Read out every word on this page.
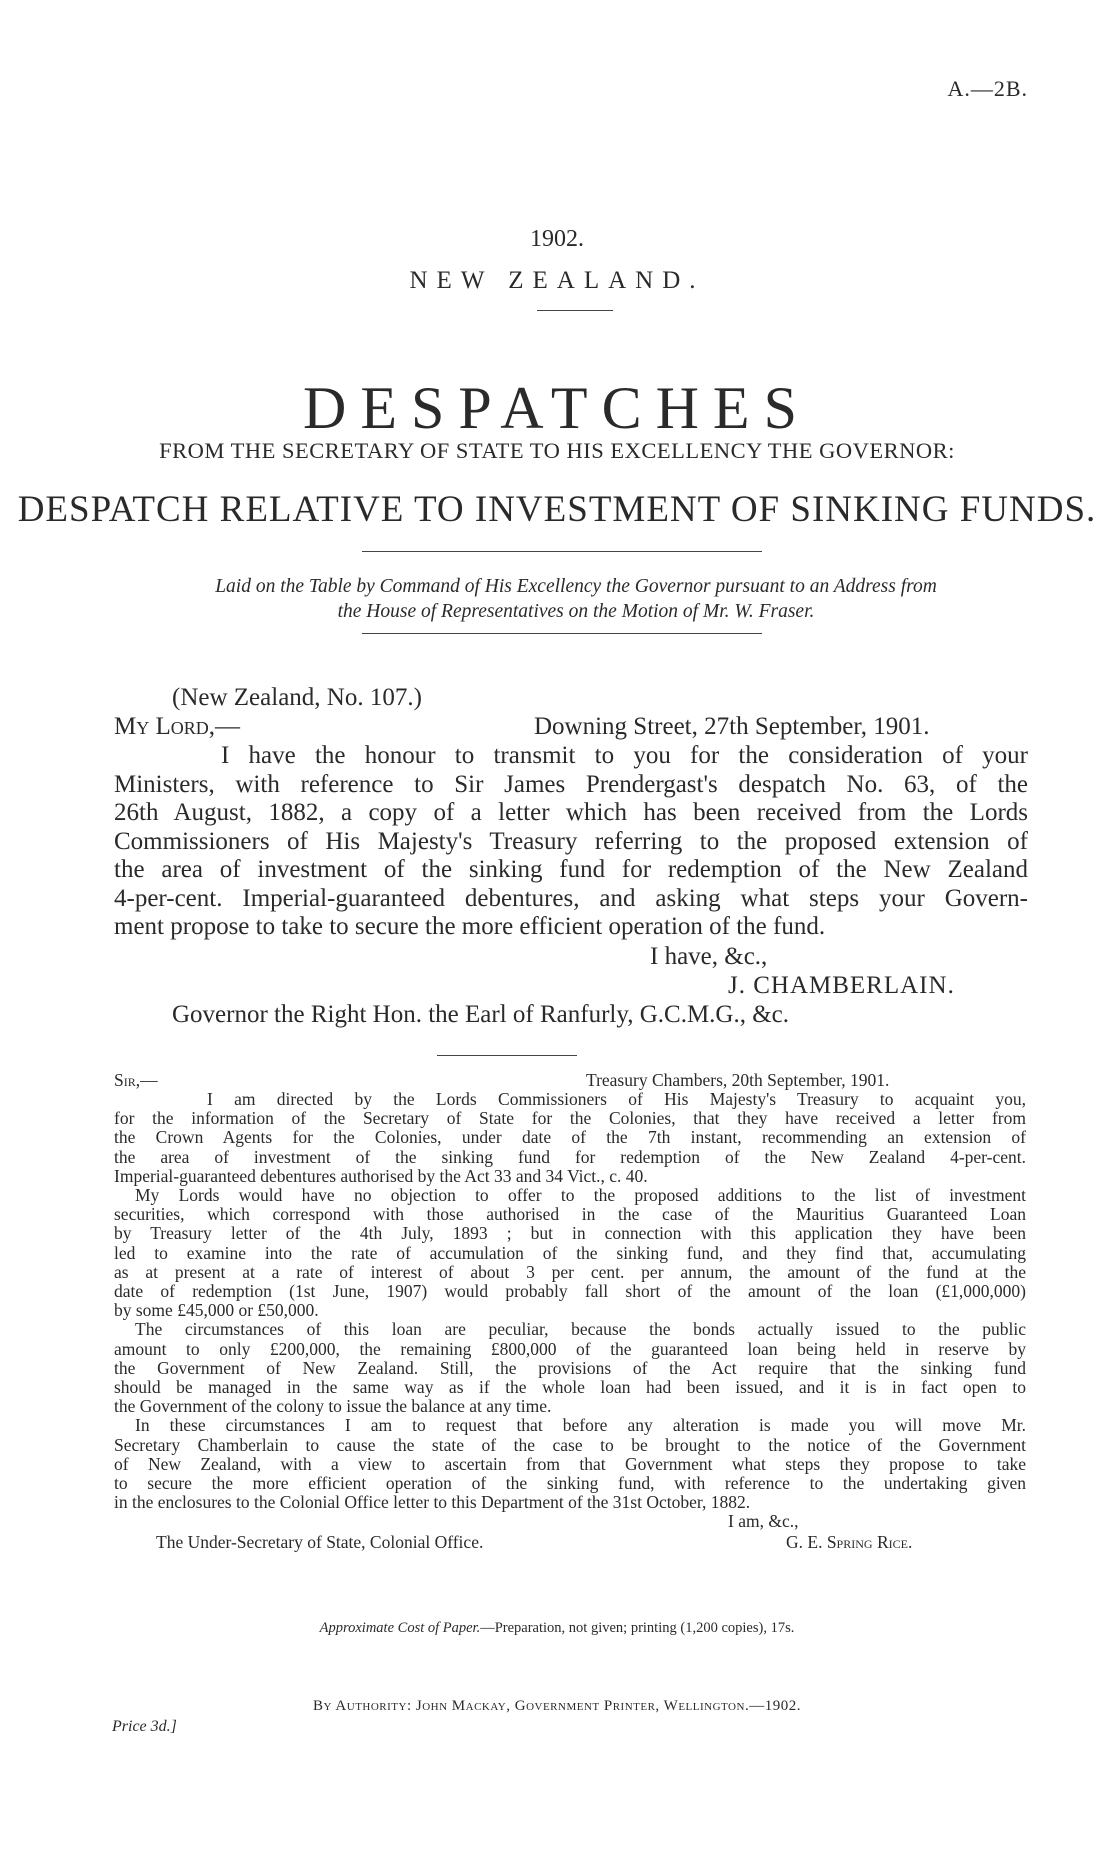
A.—2B.
1902.
NEW ZEALAND.
DESPATCHES
FROM THE SECRETARY OF STATE TO HIS EXCELLENCY THE GOVERNOR:
DESPATCH RELATIVE TO INVESTMENT OF SINKING FUNDS.
Laid on the Table by Command of His Excellency the Governor pursuant to an Address from
the House of Representatives on the Motion of Mr. W. Fraser.
(New Zealand, No. 107.)
My Lord,—	Downing Street, 27th September, 1901.
I have the honour to transmit to you for the consideration of your
Ministers, with reference to Sir James Prendergast's despatch No. 63, of the
26th August, 1882, a copy of a letter which has been received from the Lords
Commissioners of His Majesty's Treasury referring to the proposed extension of
the area of investment of the sinking fund for redemption of the New Zealand
4-per-cent. Imperial-guaranteed debentures, and asking what steps your Govern-
ment propose to take to secure the more efficient operation of the fund.
I have, &c.,
J. CHAMBERLAIN.
Governor the Right Hon. the Earl of Ranfurly, G.C.M.G., &c.
Sir,—	Treasury Chambers, 20th September, 1901.
I am directed by the Lords Commissioners of His Majesty's Treasury to acquaint you,
for the information of the Secretary of State for the Colonies, that they have received a letter from
the Crown Agents for the Colonies, under date of the 7th instant, recommending an extension of
the area of investment of the sinking fund for redemption of the New Zealand 4-per-cent.
Imperial-guaranteed debentures authorised by the Act 33 and 34 Vict., c. 40.
My Lords would have no objection to offer to the proposed additions to the list of investment
securities, which correspond with those authorised in the case of the Mauritius Guaranteed Loan
by Treasury letter of the 4th July, 1893 ; but in connection with this application they have been
led to examine into the rate of accumulation of the sinking fund, and they find that, accumulating
as at present at a rate of interest of about 3 per cent. per annum, the amount of the fund at the
date of redemption (1st June, 1907) would probably fall short of the amount of the loan (£1,000,000)
by some £45,000 or £50,000.
The circumstances of this loan are peculiar, because the bonds actually issued to the public
amount to only £200,000, the remaining £800,000 of the guaranteed loan being held in reserve by
the Government of New Zealand. Still, the provisions of the Act require that the sinking fund
should be managed in the same way as if the whole loan had been issued, and it is in fact open to
the Government of the colony to issue the balance at any time.
In these circumstances I am to request that before any alteration is made you will move Mr.
Secretary Chamberlain to cause the state of the case to be brought to the notice of the Government
of New Zealand, with a view to ascertain from that Government what steps they propose to take
to secure the more efficient operation of the sinking fund, with reference to the undertaking given
in the enclosures to the Colonial Office letter to this Department of the 31st October, 1882.
I am, &c.,
The Under-Secretary of State, Colonial Office.	G. E. Spring Rice.
Approximate Cost of Paper.—Preparation, not given; printing (1,200 copies), 17s.
By Authority: John Mackay, Government Printer, Wellington.—1902.
Price 3d.]
